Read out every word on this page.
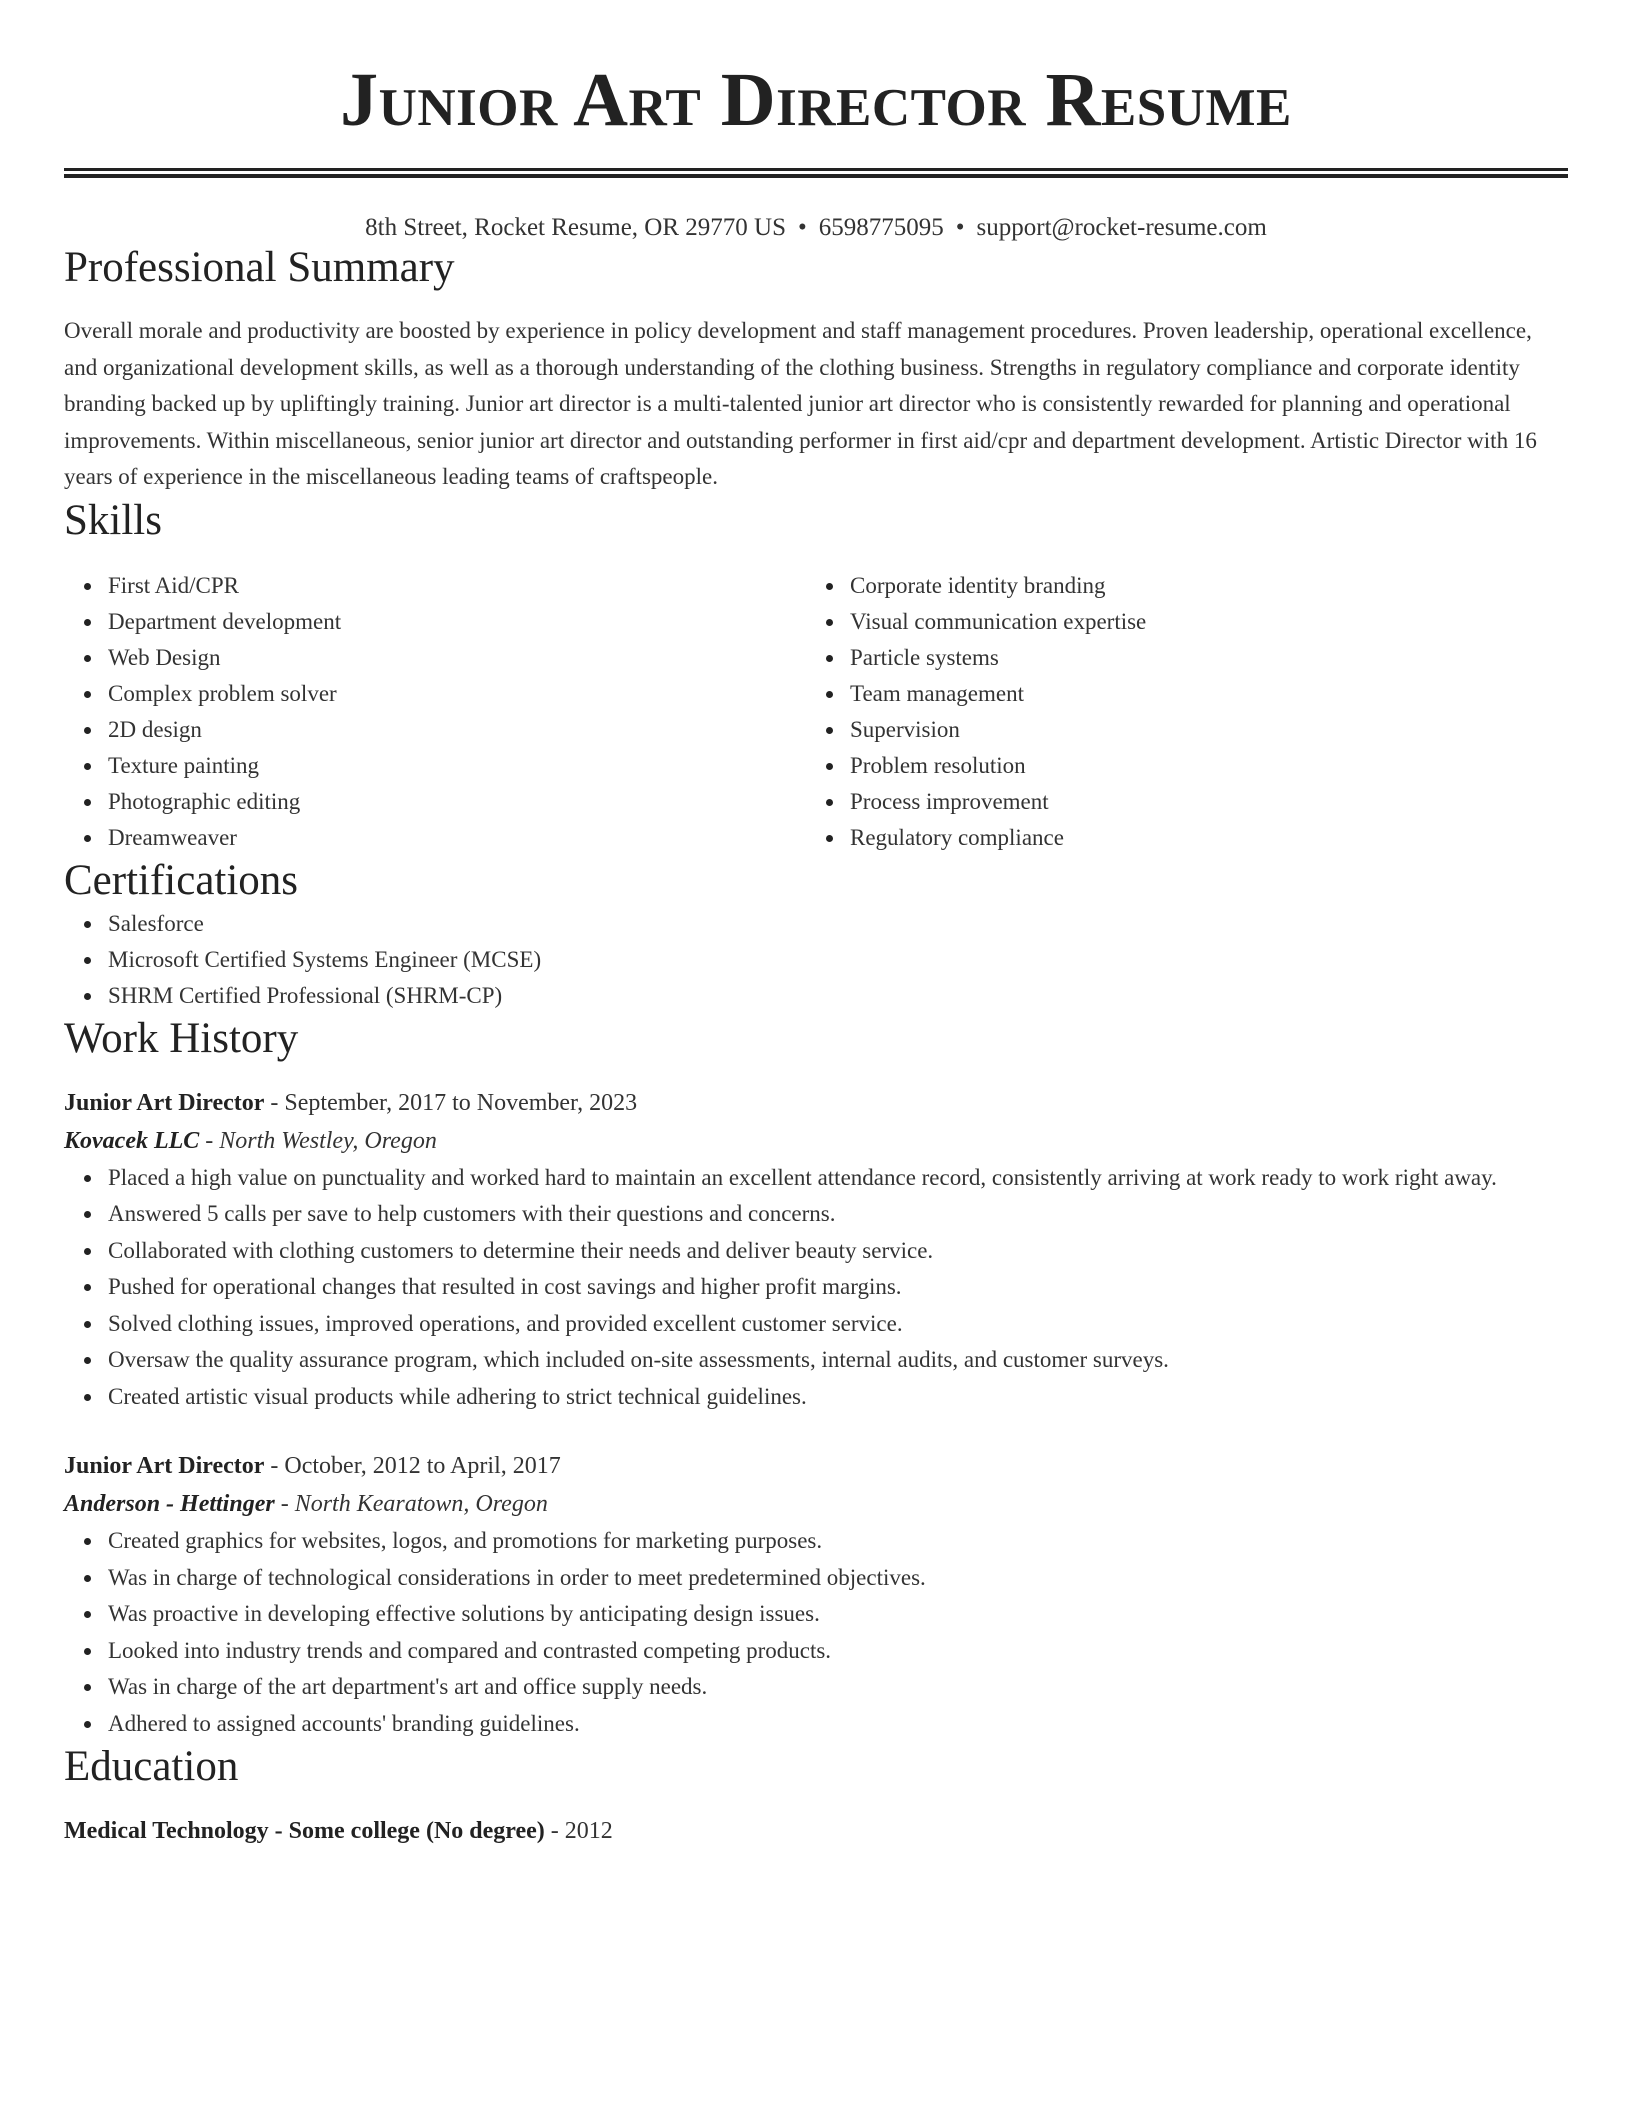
Junior Art Director Resume
8th Street, Rocket Resume, OR 29770 US • 6598775095 • support@rocket-resume.com
Professional Summary

Overall morale and productivity are boosted by experience in policy development and staff management procedures. Proven leadership, operational excellence, and organizational development skills, as well as a thorough understanding of the clothing business. Strengths in regulatory compliance and corporate identity branding backed up by upliftingly training. Junior art director is a multi-talented junior art director who is consistently rewarded for planning and operational improvements. Within miscellaneous, senior junior art director and outstanding performer in first aid/cpr and department development. Artistic Director with 16 years of experience in the miscellaneous leading teams of craftspeople.

Skills
First Aid/CPR
Department development
Web Design
Complex problem solver
2D design
Texture painting
Photographic editing
Dreamweaver
Corporate identity branding
Visual communication expertise
Particle systems
Team management
Supervision
Problem resolution
Process improvement
Regulatory compliance
Certifications
Salesforce
Microsoft Certified Systems Engineer (MCSE)
SHRM Certified Professional (SHRM-CP)
Work History
Junior Art Director - September, 2017 to November, 2023
Kovacek LLC - North Westley, Oregon
Placed a high value on punctuality and worked hard to maintain an excellent attendance record, consistently arriving at work ready to work right away.
Answered 5 calls per save to help customers with their questions and concerns.
Collaborated with clothing customers to determine their needs and deliver beauty service.
Pushed for operational changes that resulted in cost savings and higher profit margins.
Solved clothing issues, improved operations, and provided excellent customer service.
Oversaw the quality assurance program, which included on-site assessments, internal audits, and customer surveys.
Created artistic visual products while adhering to strict technical guidelines.
Junior Art Director - October, 2012 to April, 2017
Anderson - Hettinger - North Kearatown, Oregon
Created graphics for websites, logos, and promotions for marketing purposes.
Was in charge of technological considerations in order to meet predetermined objectives.
Was proactive in developing effective solutions by anticipating design issues.
Looked into industry trends and compared and contrasted competing products.
Was in charge of the art department's art and office supply needs.
Adhered to assigned accounts' branding guidelines.
Education
Medical Technology - Some college (No degree) - 2012
